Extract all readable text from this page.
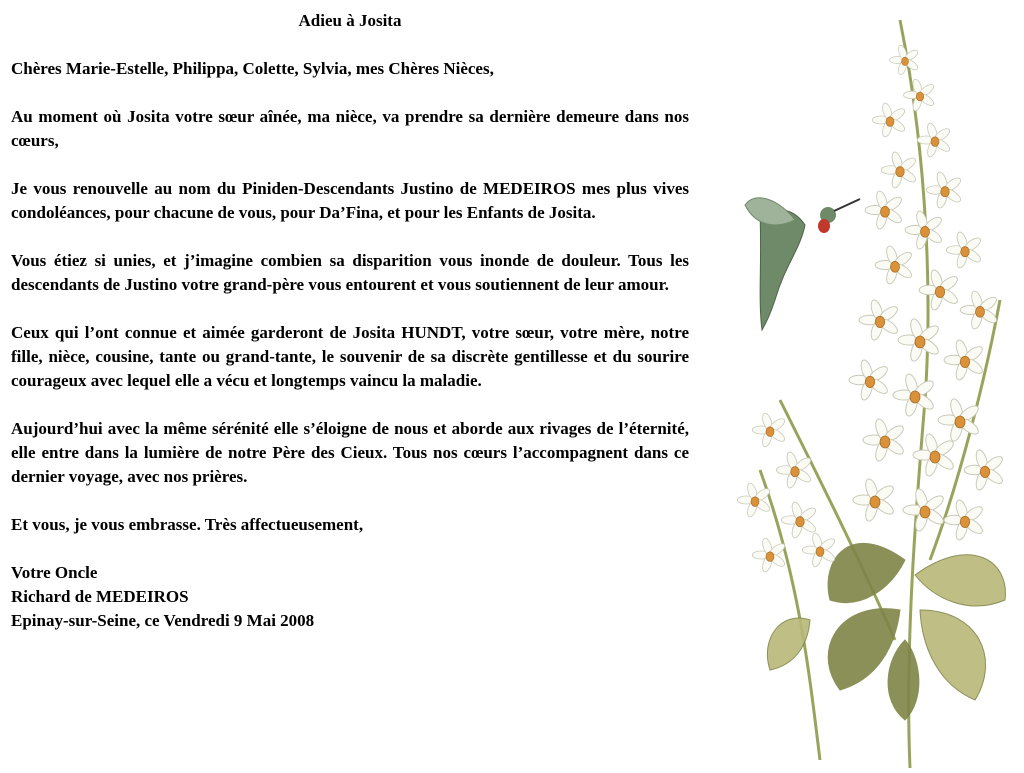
Adieu à Josita

Chères Marie-Estelle, Philippa, Colette, Sylvia, mes Chères Nièces,

Au moment où Josita votre sœur aînée, ma nièce, va prendre sa dernière demeure dans nos cœurs,

Je vous renouvelle au nom du Piniden-Descendants Justino de MEDEIROS mes plus vives condoléances, pour chacune de vous, pour Da’Fina, et pour les Enfants de Josita.

Vous étiez si unies, et j’imagine combien sa disparition vous inonde de douleur. Tous les descendants de Justino votre grand-père vous entourent et vous soutiennent de leur amour.

Ceux qui l’ont connue et aimée garderont de Josita HUNDT, votre sœur, votre mère, notre fille, nièce, cousine, tante ou grand-tante, le souvenir de sa discrète gentillesse et du sourire courageux avec lequel elle a vécu et longtemps vaincu la maladie.

Aujourd’hui avec la même sérénité elle s’éloigne de nous et aborde aux rivages de l’éternité, elle entre dans la lumière de notre Père des Cieux. Tous nos cœurs l’accompagnent dans ce dernier voyage, avec nos prières.

Et vous, je vous embrasse. Très affectueusement,

Votre Oncle

Richard de MEDEIROS

Epinay-sur-Seine, ce Vendredi 9 Mai 2008
